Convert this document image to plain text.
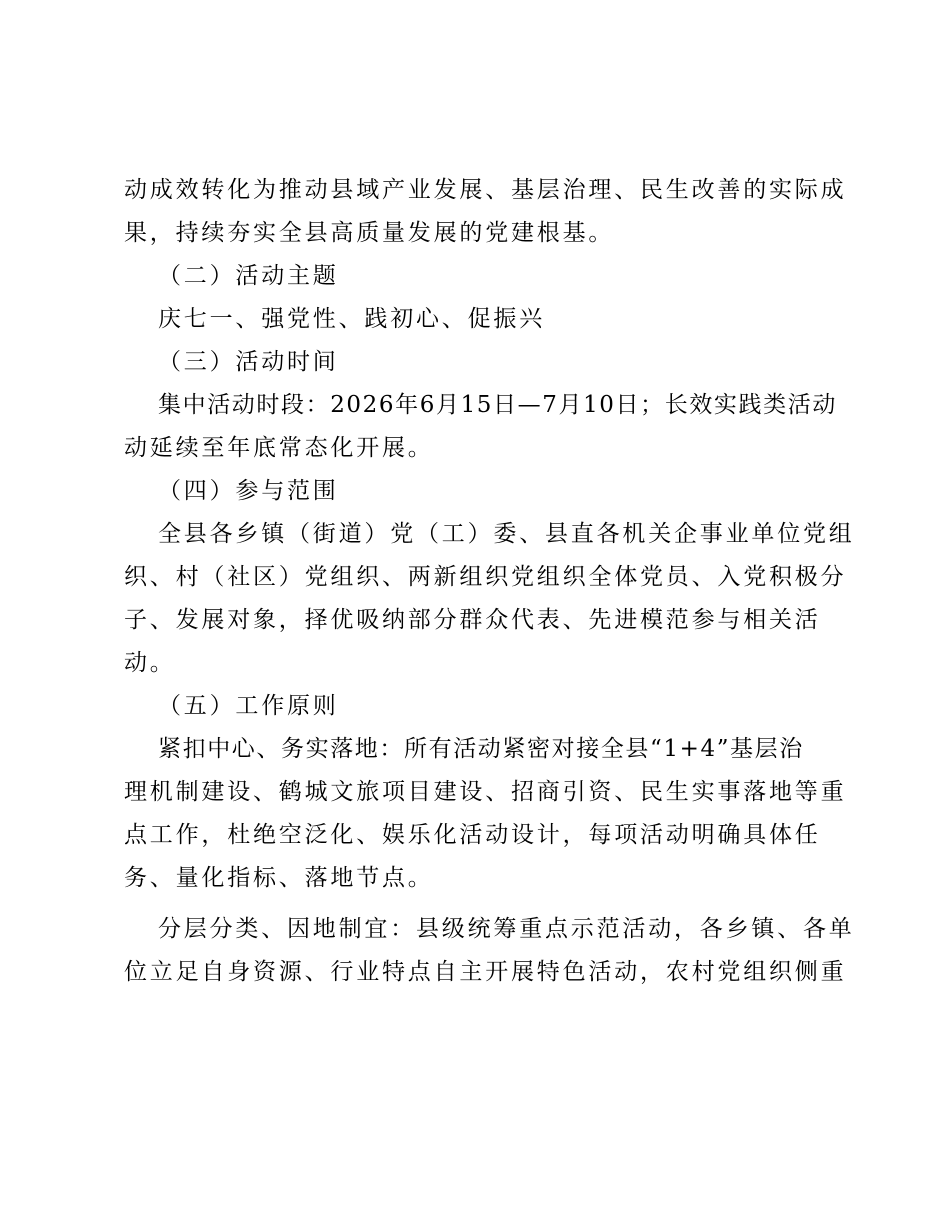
动成效转化为推动县域产业发展、基层治理、民生改善的实际成
果，持续夯实全县高质量发展的党建根基。
（二）活动主题
庆七一、强党性、践初心、促振兴
（三）活动时间
集中活动时段：2026年6月15日—7月10日；长效实践类活动
动延续至年底常态化开展。
（四）参与范围
全县各乡镇（街道）党（工）委、县直各机关企事业单位党组
织、村（社区）党组织、两新组织党组织全体党员、入党积极分
子、发展对象，择优吸纳部分群众代表、先进模范参与相关活
动。
（五）工作原则
紧扣中心、务实落地：所有活动紧密对接全县“1+4”基层治
理机制建设、鹤城文旅项目建设、招商引资、民生实事落地等重
点工作，杜绝空泛化、娱乐化活动设计，每项活动明确具体任
务、量化指标、落地节点。
分层分类、因地制宜：县级统筹重点示范活动，各乡镇、各单
位立足自身资源、行业特点自主开展特色活动，农村党组织侧重
